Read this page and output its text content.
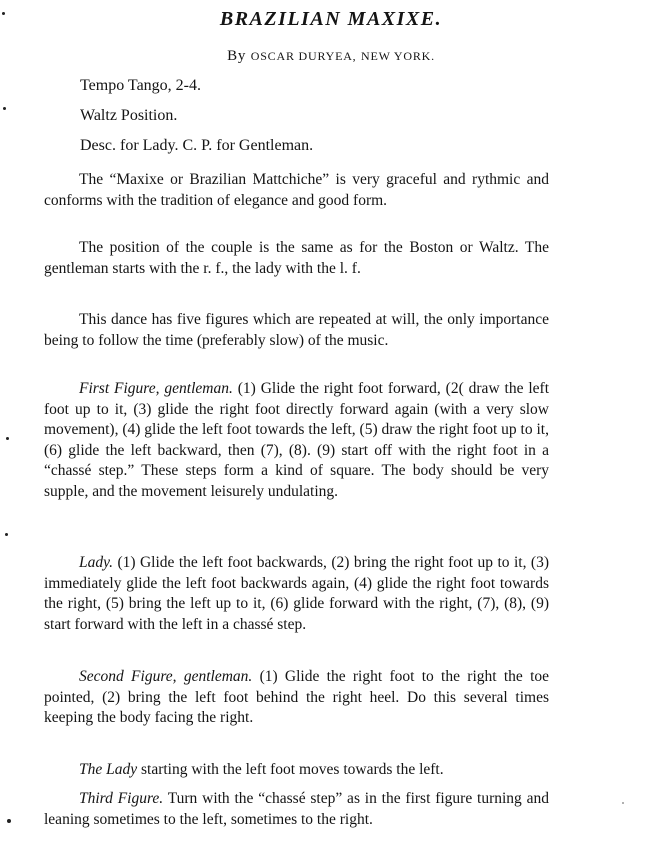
BRAZILIAN MAXIXE.
By OSCAR DURYEA, NEW YORK.
Tempo Tango, 2-4.
Waltz Position.
Desc. for Lady. C. P. for Gentleman.
The “Maxixe or Brazilian Mattchiche” is very graceful and rythmic and conforms with the tradition of elegance and good form.
The position of the couple is the same as for the Boston or Waltz. The gentleman starts with the r. f., the lady with the l. f.
This dance has five figures which are repeated at will, the only importance being to follow the time (preferably slow) of the music.
First Figure, gentleman. (1) Glide the right foot forward, (2( draw the left foot up to it, (3) glide the right foot directly forward again (with a very slow movement), (4) glide the left foot towards the left, (5) draw the right foot up to it, (6) glide the left backward, then (7), (8). (9) start off with the right foot in a “chassé step.” These steps form a kind of square. The body should be very supple, and the movement leisurely undulating.
Lady. (1) Glide the left foot backwards, (2) bring the right foot up to it, (3) immediately glide the left foot backwards again, (4) glide the right foot towards the right, (5) bring the left up to it, (6) glide forward with the right, (7), (8), (9) start forward with the left in a chassé step.
Second Figure, gentleman. (1) Glide the right foot to the right the toe pointed, (2) bring the left foot behind the right heel. Do this several times keeping the body facing the right.
The Lady starting with the left foot moves towards the left.
Third Figure. Turn with the “chassé step” as in the first figure turning and leaning sometimes to the left, sometimes to the right.
